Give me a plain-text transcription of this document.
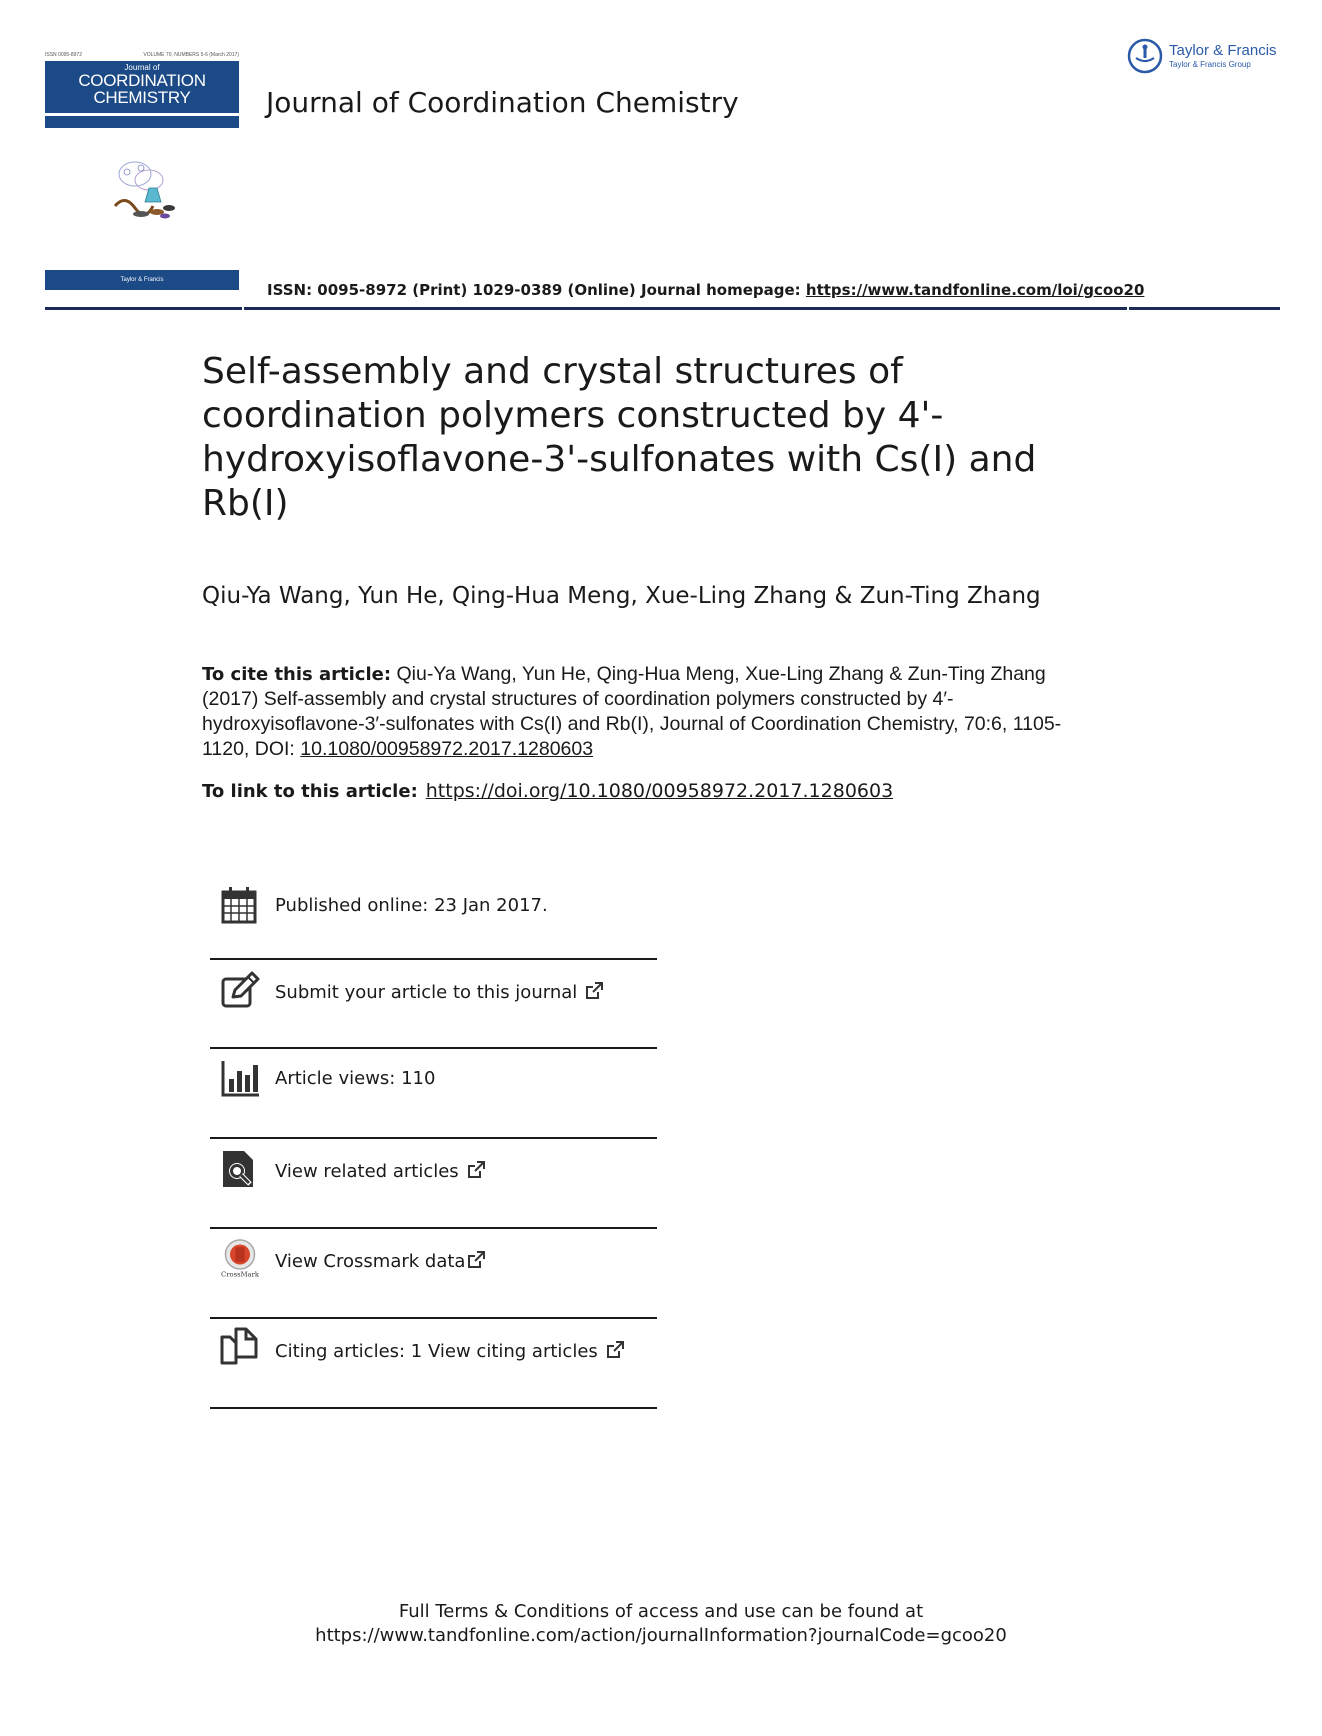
ISSN 0095-8972	VOLUME 70, NUMBERS 5-6 (March 2017)
Journal of
COORDINATION
CHEMISTRY
Taylor & Francis
Journal of Coordination Chemistry
Taylor & Francis
Taylor & Francis Group
ISSN: 0095-8972 (Print) 1029-0389 (Online) Journal homepage: https://www.tandfonline.com/loi/gcoo20
Self-assembly and crystal structures of coordination polymers constructed by 4'-hydroxyisoflavone-3'-sulfonates with Cs(I) and Rb(I)
Qiu-Ya Wang, Yun He, Qing-Hua Meng, Xue-Ling Zhang & Zun-Ting Zhang
To cite this article: Qiu-Ya Wang, Yun He, Qing-Hua Meng, Xue-Ling Zhang & Zun-Ting Zhang (2017) Self-assembly and crystal structures of coordination polymers constructed by 4′-hydroxyisoflavone-3′-sulfonates with Cs(I) and Rb(I), Journal of Coordination Chemistry, 70:6, 1105-1120, DOI: 10.1080/00958972.2017.1280603
To link to this article: https://doi.org/10.1080/00958972.2017.1280603
Published online: 23 Jan 2017.
Submit your article to this journal
Article views: 110
View related articles
CrossMark
View Crossmark data
Citing articles: 1 View citing articles
Full Terms & Conditions of access and use can be found at
https://www.tandfonline.com/action/journalInformation?journalCode=gcoo20
